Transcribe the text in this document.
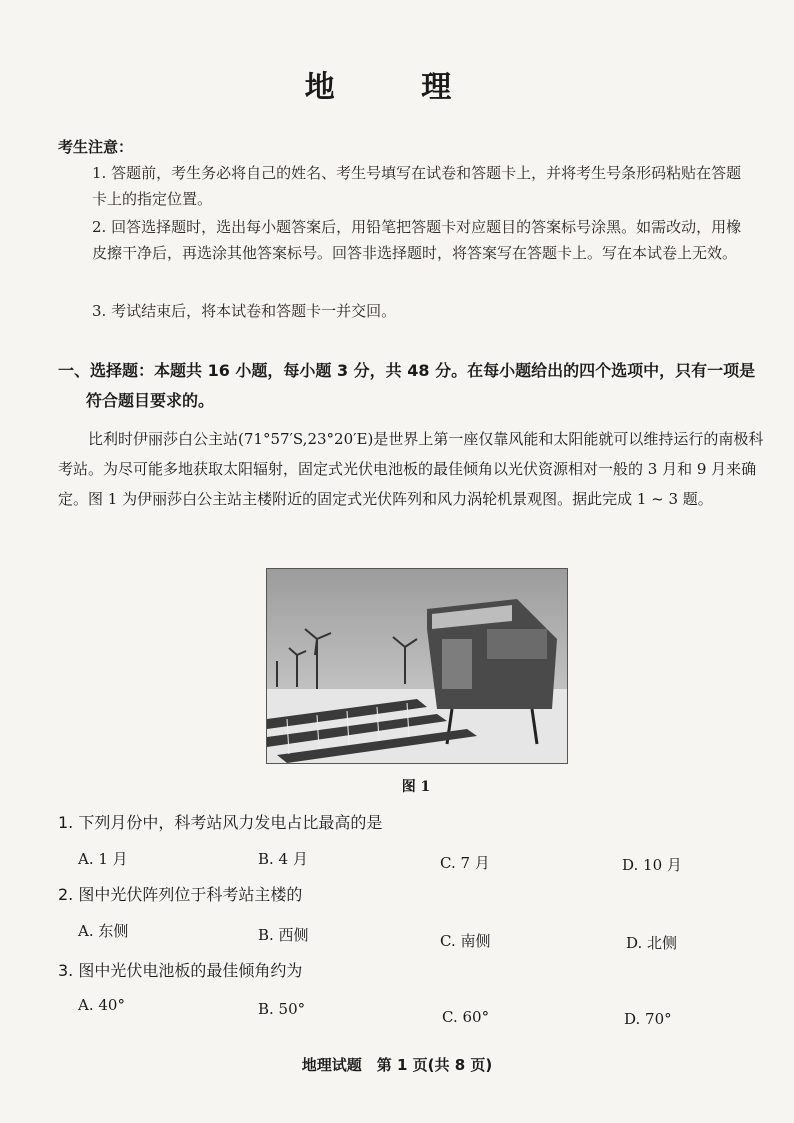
地 理
考生注意：
1. 答题前，考生务必将自己的姓名、考生号填写在试卷和答题卡上，并将考生号条形码粘贴在答题卡上的指定位置。
2. 回答选择题时，选出每小题答案后，用铅笔把答题卡对应题目的答案标号涂黑。如需改动，用橡皮擦干净后，再选涂其他答案标号。回答非选择题时，将答案写在答题卡上。写在本试卷上无效。
3. 考试结束后，将本试卷和答题卡一并交回。
一、选择题：本题共 16 小题，每小题 3 分，共 48 分。在每小题给出的四个选项中，只有一项是
符合题目要求的。
比利时伊丽莎白公主站(71°57′S,23°20′E)是世界上第一座仅靠风能和太阳能就可以维持运行的南极科考站。为尽可能多地获取太阳辐射，固定式光伏电池板的最佳倾角以光伏资源相对一般的 3 月和 9 月来确定。图 1 为伊丽莎白公主站主楼附近的固定式光伏阵列和风力涡轮机景观图。据此完成 1 ~ 3 题。
图 1
1. 下列月份中，科考站风力发电占比最高的是
A. 1 月	B. 4 月	C. 7 月	D. 10 月
2. 图中光伏阵列位于科考站主楼的
A. 东侧	B. 西侧	C. 南侧	D. 北侧
3. 图中光伏电池板的最佳倾角约为
A. 40°	B. 50°	C. 60°	D. 70°
地理试题　第 1 页(共 8 页)
